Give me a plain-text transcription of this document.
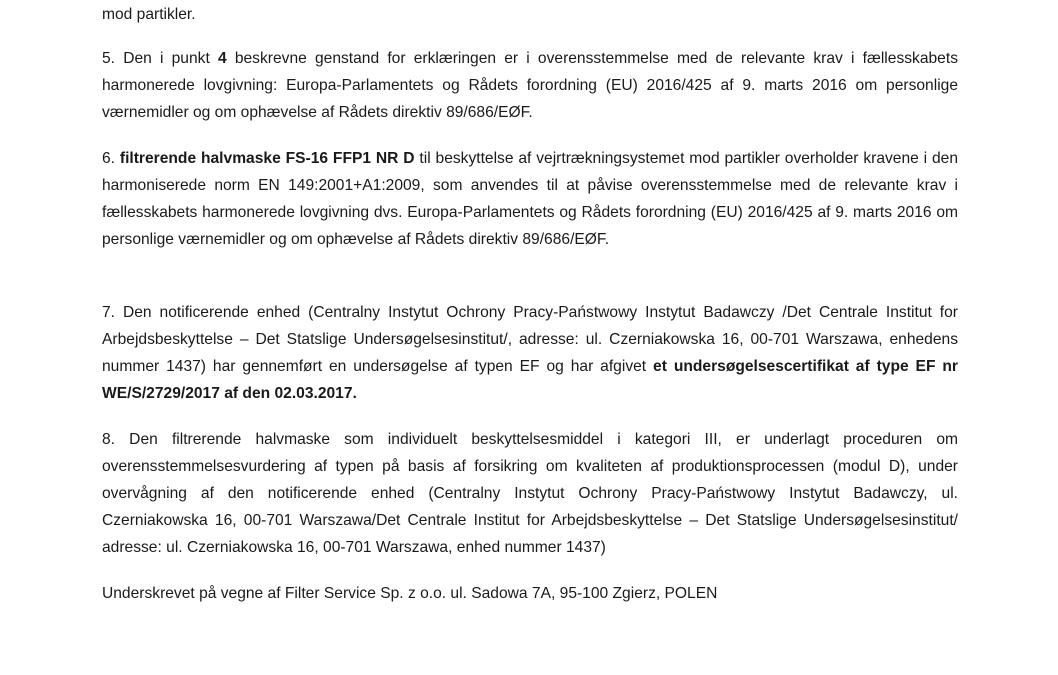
mod partikler.

5. Den i punkt 4 beskrevne genstand for erklæringen er i overensstemmelse med de relevante krav i fællesskabets harmonerede lovgivning: Europa-Parlamentets og Rådets forordning (EU) 2016/425 af 9. marts 2016 om personlige værnemidler og om ophævelse af Rådets direktiv 89/686/EØF.

6. filtrerende halvmaske FS-16 FFP1 NR D til beskyttelse af vejrtrækningsystemet mod partikler overholder kravene i den harmoniserede norm EN 149:2001+A1:2009, som anvendes til at påvise overensstemmelse med de relevante krav i fællesskabets harmonerede lovgivning dvs. Europa-Parlamentets og Rådets forordning (EU) 2016/425 af 9. marts 2016 om personlige værnemidler og om ophævelse af Rådets direktiv 89/686/EØF.

7. Den notificerende enhed (Centralny Instytut Ochrony Pracy-Państwowy Instytut Badawczy /Det Centrale Institut for Arbejdsbeskyttelse – Det Statslige Undersøgelsesinstitut/, adresse: ul. Czerniakowska 16, 00-701 Warszawa, enhedens nummer 1437) har gennemført en undersøgelse af typen EF og har afgivet et undersøgelsescertifikat af type EF nr WE/S/2729/2017 af den 02.03.2017.

8. Den filtrerende halvmaske som individuelt beskyttelsesmiddel i kategori III, er underlagt proceduren om overensstemmelsesvurdering af typen på basis af forsikring om kvaliteten af produktionsprocessen (modul D), under overvågning af den notificerende enhed (Centralny Instytut Ochrony Pracy-Państwowy Instytut Badawczy, ul. Czerniakowska 16, 00-701 Warszawa/Det Centrale Institut for Arbejdsbeskyttelse – Det Statslige Undersøgelsesinstitut/ adresse: ul. Czerniakowska 16, 00-701 Warszawa, enhed nummer 1437)

Underskrevet på vegne af Filter Service Sp. z o.o. ul. Sadowa 7A, 95-100 Zgierz, POLEN
